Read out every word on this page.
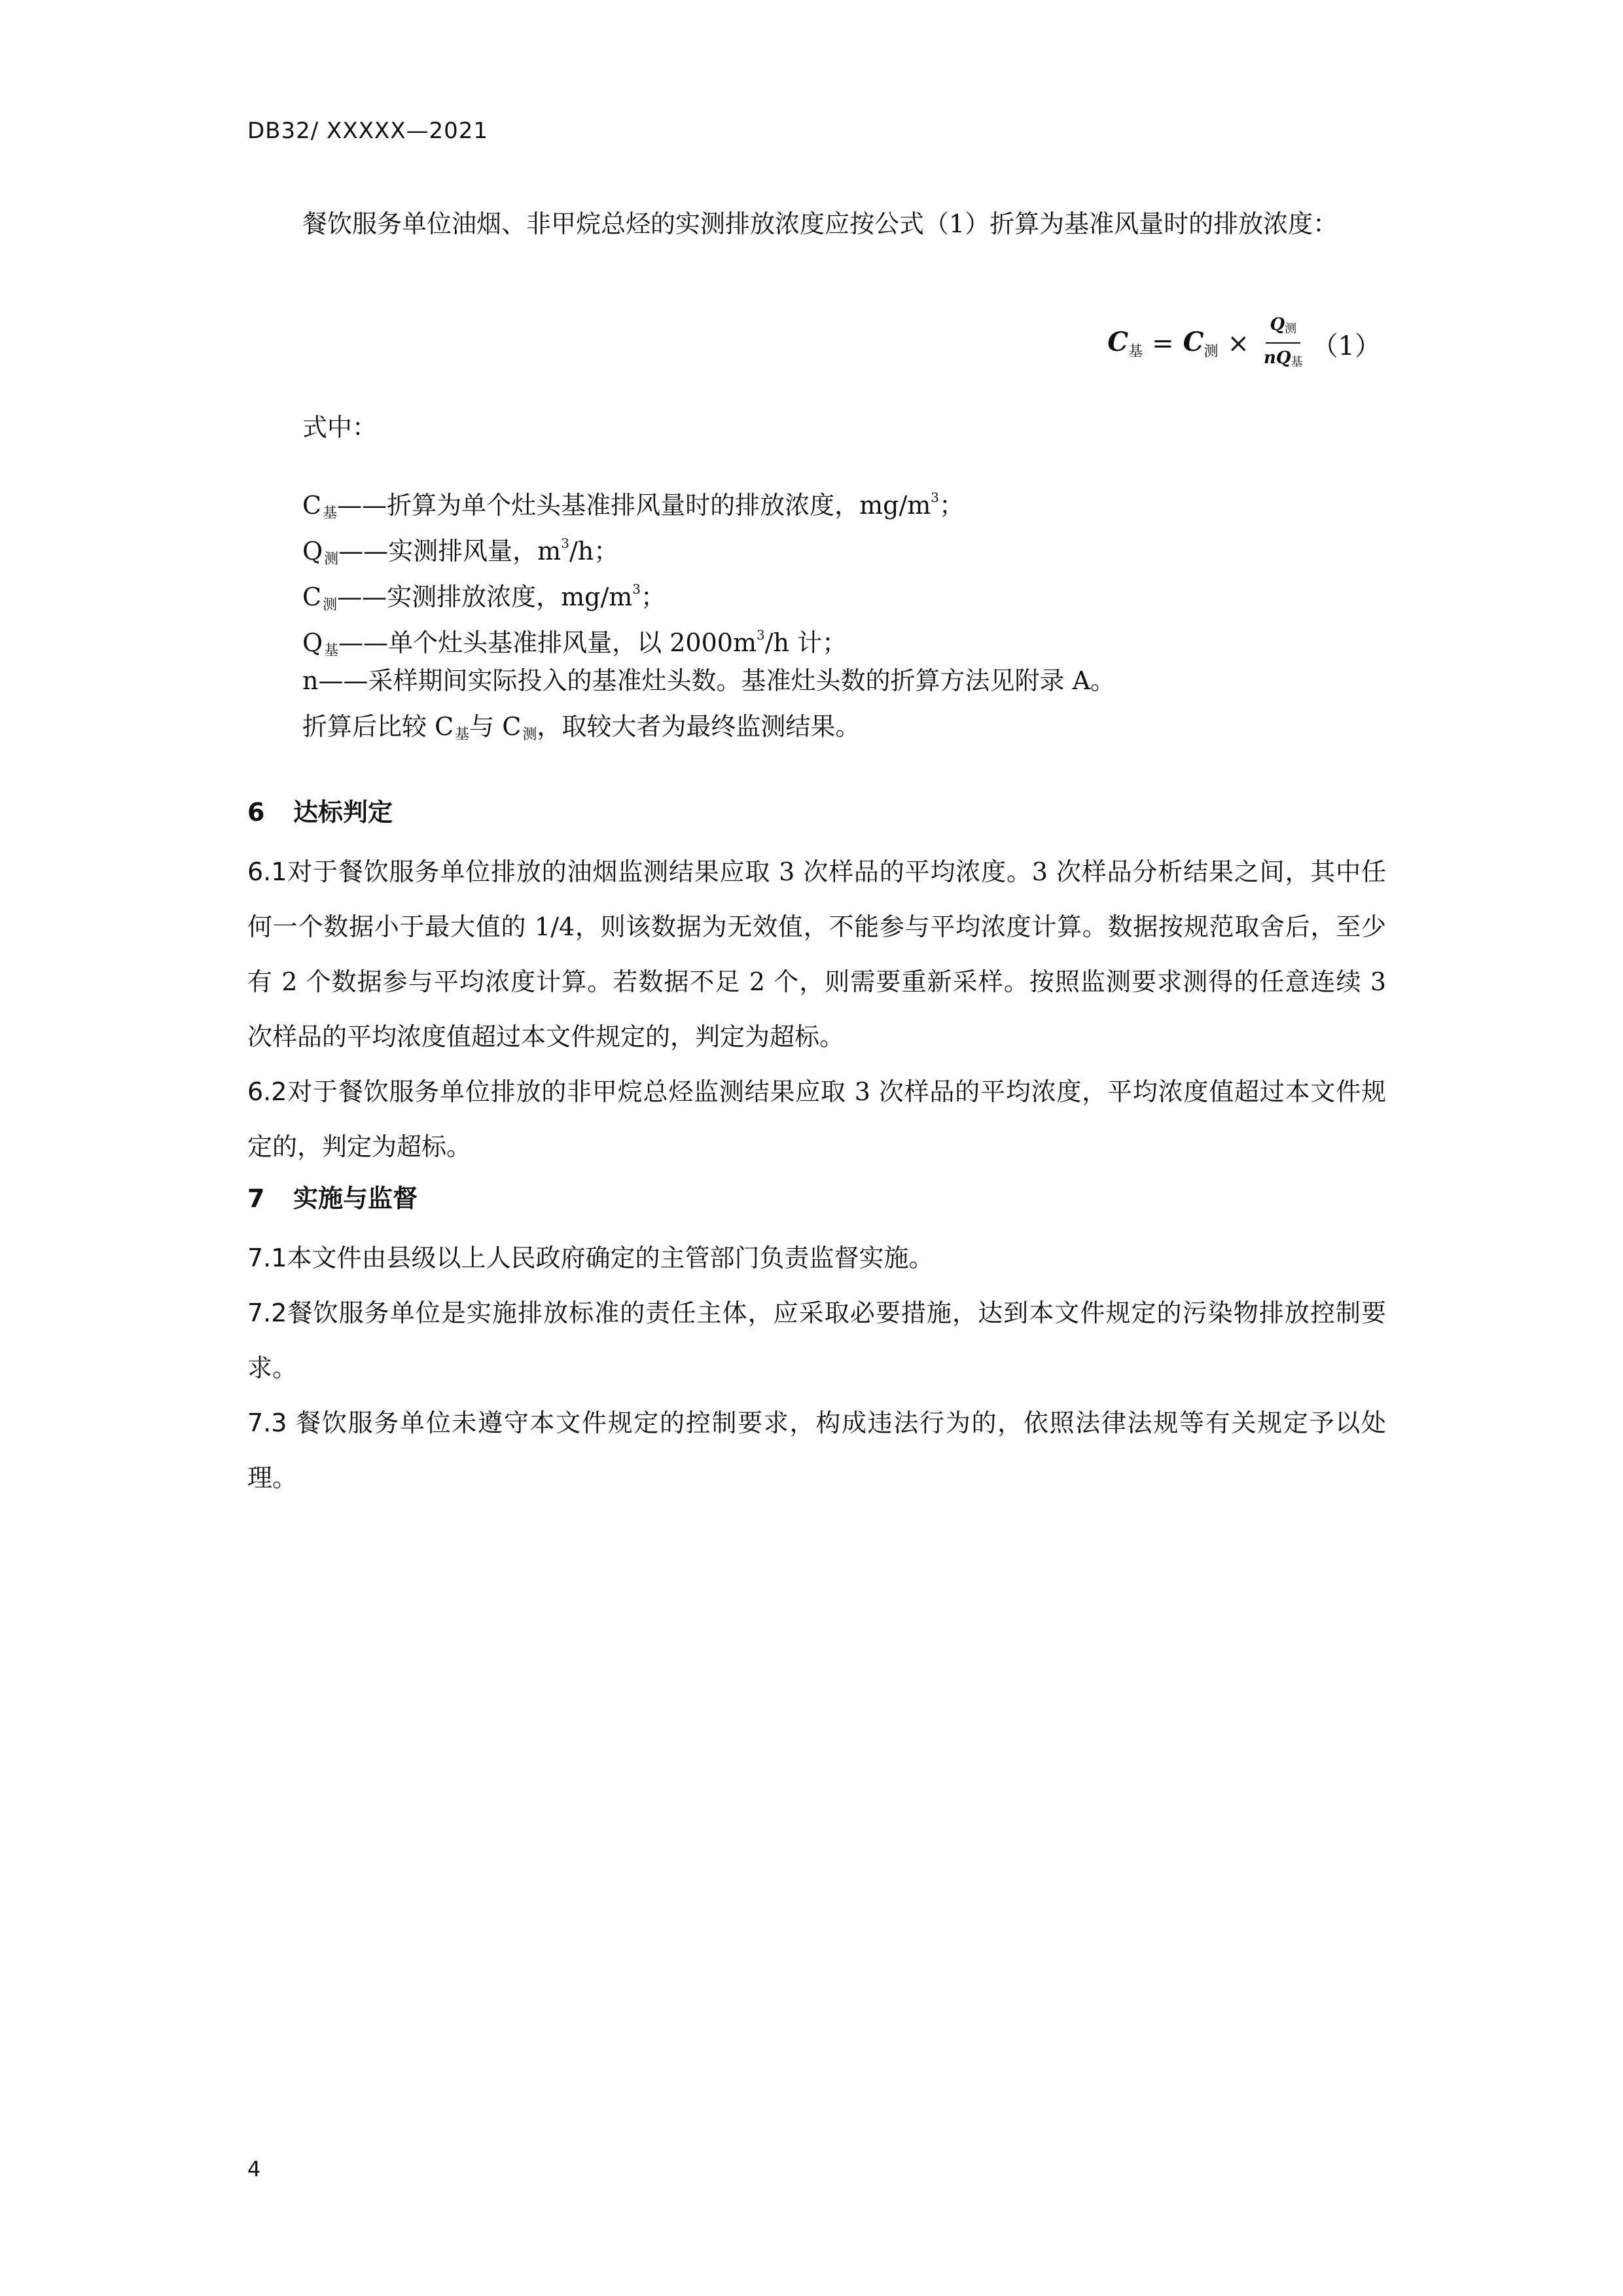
DB32/ XXXXX—2021

餐饮服务单位油烟、非甲烷总烃的实测排放浓度应按公式（1）折算为基准风量时的排放浓度：

$C_基 = C_测 \times \frac{\text{Q测}}{\text{nQ基}} (1)$
式中：
$C_基——$折算为单个灶头基准排风量时的排放浓度，$mg/m^3$；
$Q_测——$实测排风量，$m^3/h$；
$C_测——$实测排放浓度，$mg/m^3$；
$Q_基——$单个灶头基准排风量，以 $2000m^3/h$ 计；
n——采样期间实际投入的基准灶头数。基准灶头数的折算方法见附录 A。
折算后比较 $C_基$与 $C_测$，取较大者为最终监测结果。
6 达标判定

6.1对于餐饮服务单位排放的油烟监测结果应取 3 次样品的平均浓度。3 次样品分析结果之间，其中任何一个数据小于最大值的 1/4，则该数据为无效值，不能参与平均浓度计算。数据按规范取舍后，至少有 2 个数据参与平均浓度计算。若数据不足 2 个，则需要重新采样。按照监测要求测得的任意连续 3 次样品的平均浓度值超过本文件规定的，判定为超标。

6.2对于餐饮服务单位排放的非甲烷总烃监测结果应取 3 次样品的平均浓度，平均浓度值超过本文件规定的，判定为超标。

7 实施与监督

7.1本文件由县级以上人民政府确定的主管部门负责监督实施。

7.2餐饮服务单位是实施排放标准的责任主体，应采取必要措施，达到本文件规定的污染物排放控制要求。

7.3 餐饮服务单位未遵守本文件规定的控制要求，构成违法行为的，依照法律法规等有关规定予以处理。

4
